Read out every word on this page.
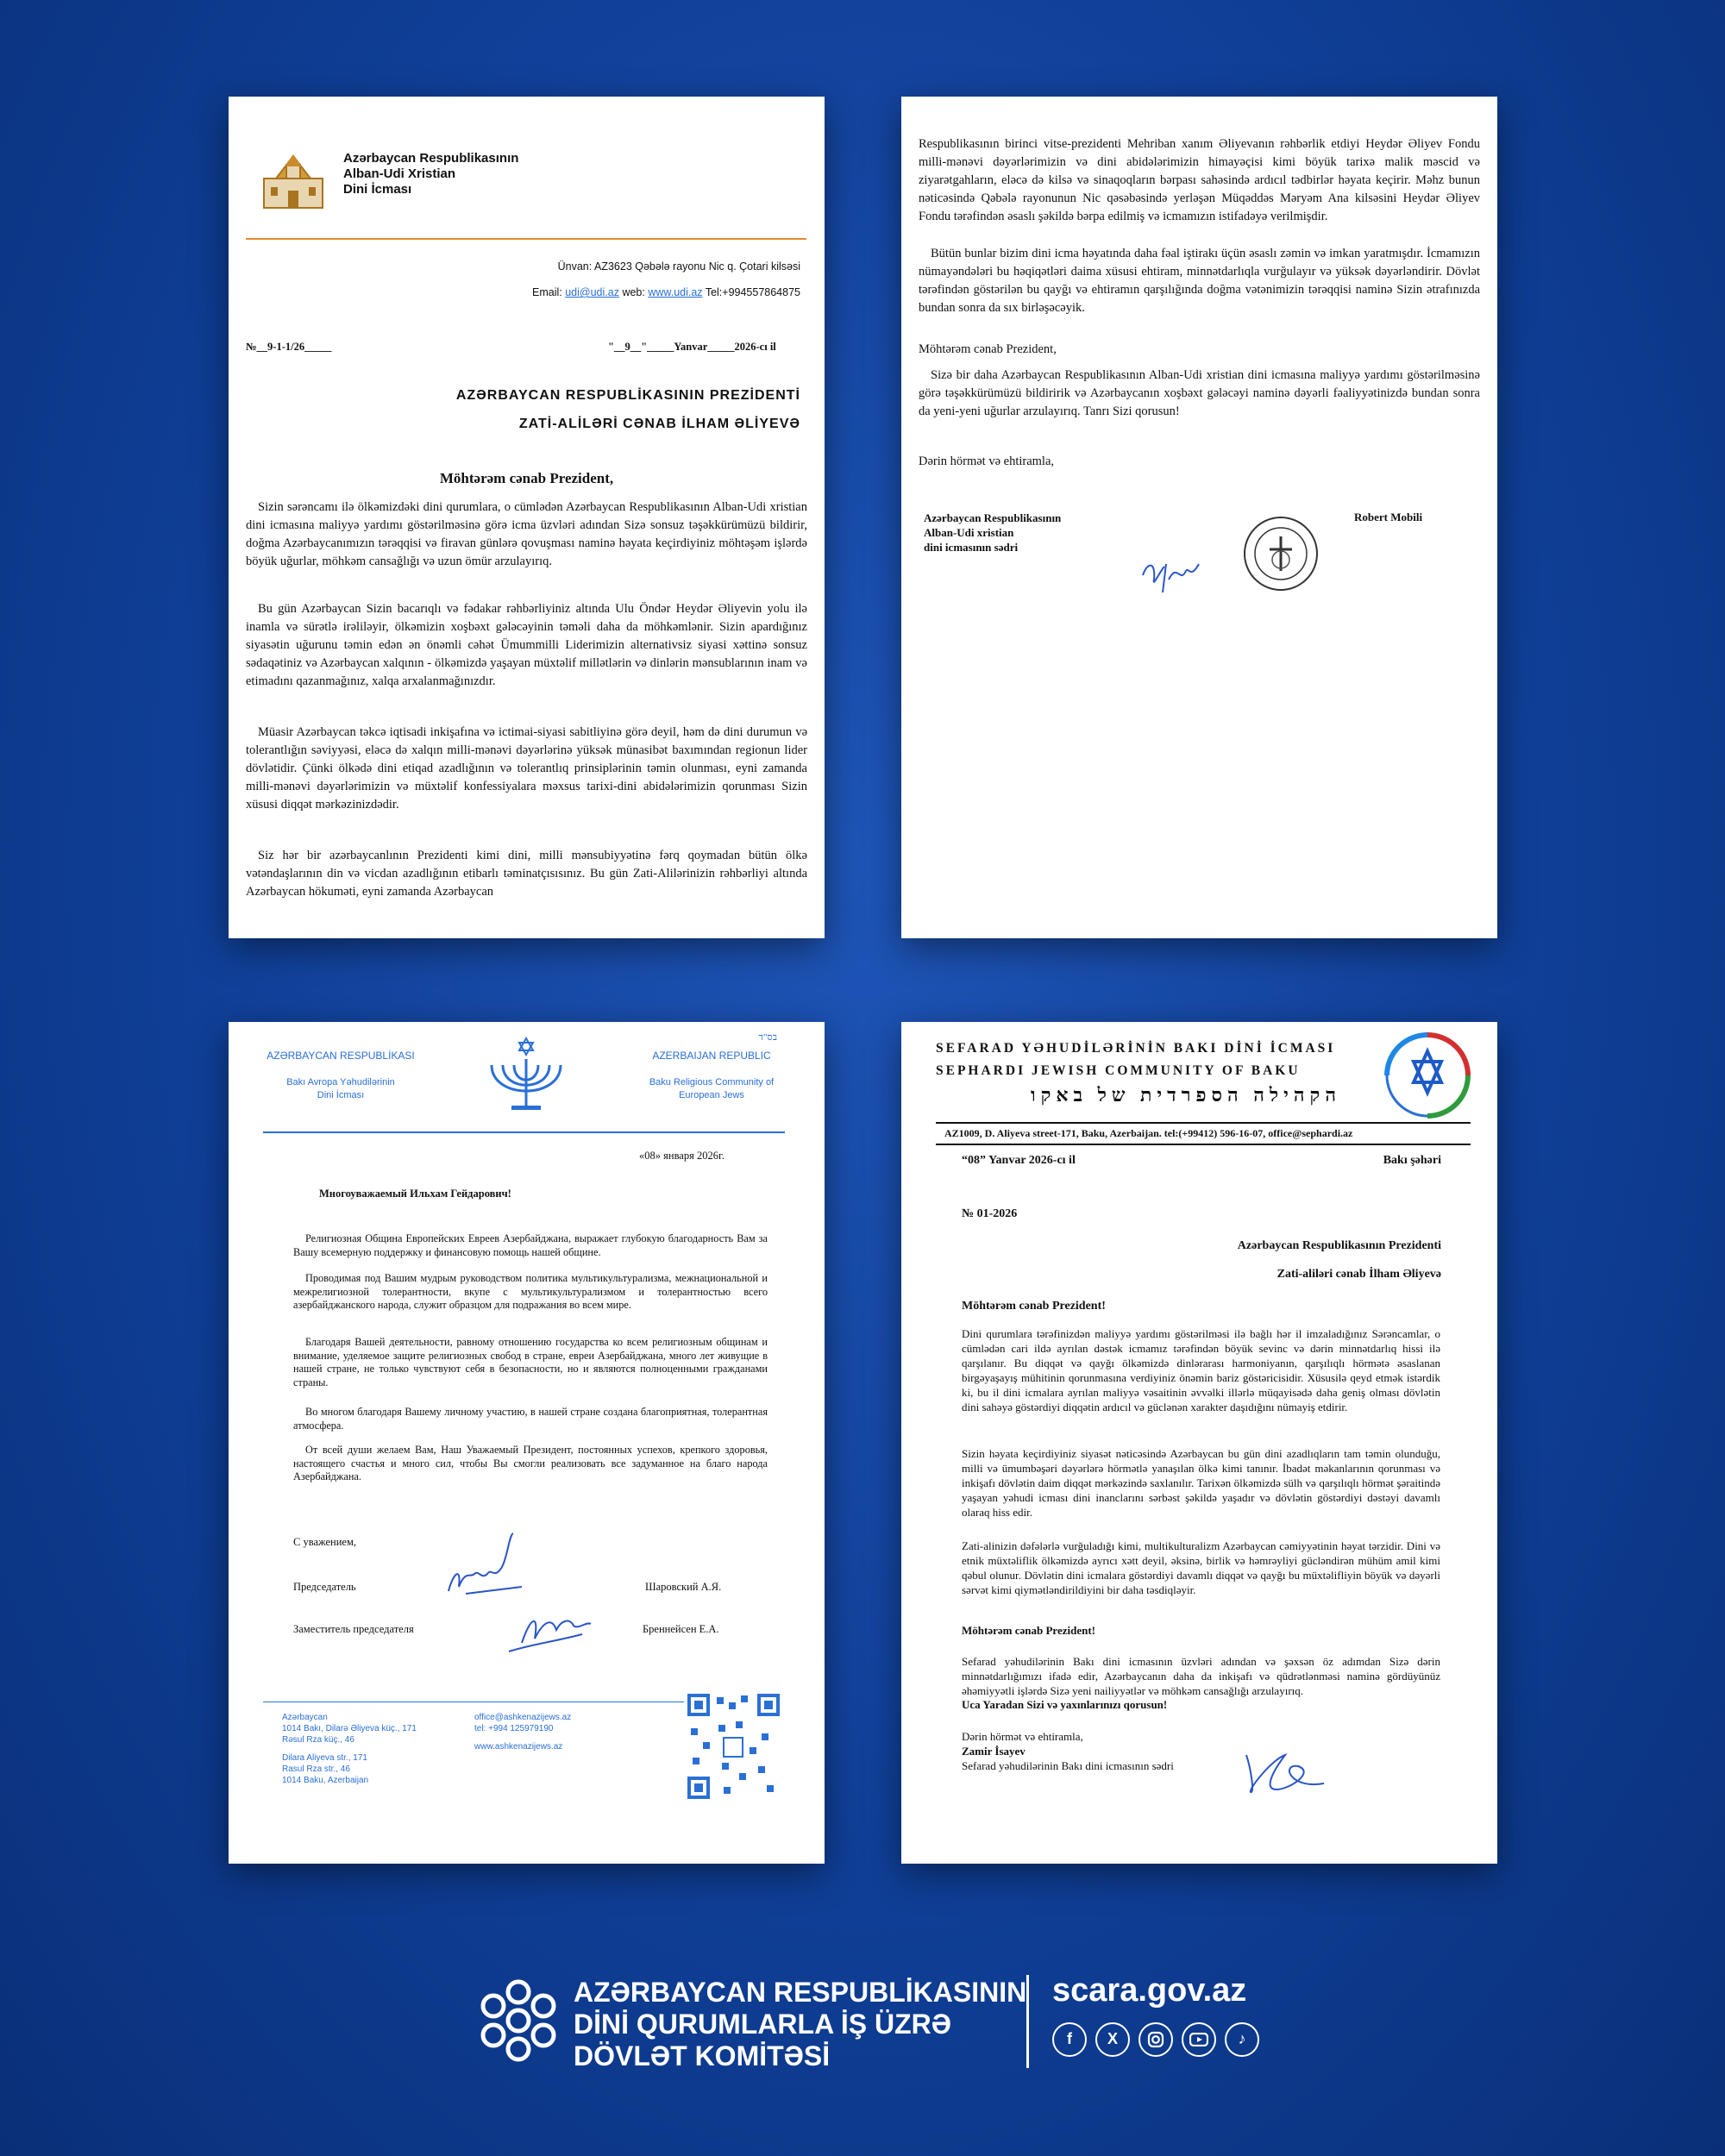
Azərbaycan Respublikasının
Alban-Udi Xristian
Dini İcması
Ünvan: AZ3623 Qəbələ rayonu Nic q. Çotari kilsəsi
Email: udi@udi.az web: www.udi.az Tel:+994557864875
№__9-1-1/26_____	"__9__"_____Yanvar_____2026-cı il
AZƏRBAYCAN RESPUBLİKASININ PREZİDENTİ
ZATİ-ALİLƏRİ CƏNAB İLHAM ƏLİYEVƏ
Möhtərəm cənab Prezident,
Sizin sərəncamı ilə ölkəmizdəki dini qurumlara, o cümlədən Azərbaycan Respublikasının Alban-Udi xristian dini icmasına maliyyə yardımı göstərilməsinə görə icma üzvləri adından Sizə sonsuz təşəkkürümüzü bildirir, doğma Azərbaycanımızın tərəqqisi və firavan günlərə qovuşması naminə həyata keçirdiyiniz möhtəşəm işlərdə böyük uğurlar, möhkəm cansağlığı və uzun ömür arzulayırıq.
Bu gün Azərbaycan Sizin bacarıqlı və fədakar rəhbərliyiniz altında Ulu Öndər Heydər Əliyevin yolu ilə inamla və sürətlə irəliləyir, ölkəmizin xoşbəxt gələcəyinin təməli daha da möhkəmlənir. Sizin apardığınız siyasətin uğurunu təmin edən ən önəmli cəhət Ümummilli Liderimizin alternativsiz siyasi xəttinə sonsuz sədaqətiniz və Azərbaycan xalqının - ölkəmizdə yaşayan müxtəlif millətlərin və dinlərin mənsublarının inam və etimadını qazanmağınız, xalqa arxalanmağınızdır.
Müasir Azərbaycan təkcə iqtisadi inkişafına və ictimai-siyasi sabitliyinə görə deyil, həm də dini durumun və tolerantlığın səviyyəsi, eləcə də xalqın milli-mənəvi dəyərlərinə yüksək münasibət baxımından regionun lider dövlətidir. Çünki ölkədə dini etiqad azadlığının və tolerantlıq prinsiplərinin təmin olunması, eyni zamanda milli-mənəvi dəyərlərimizin və müxtəlif konfessiyalara məxsus tarixi-dini abidələrimizin qorunması Sizin xüsusi diqqət mərkəzinizdədir.
Siz hər bir azərbaycanlının Prezidenti kimi dini, milli mənsubiyyətinə fərq qoymadan bütün ölkə vətəndaşlarının din və vicdan azadlığının etibarlı təminatçısısınız. Bu gün Zati-Alilərinizin rəhbərliyi altında Azərbaycan hökuməti, eyni zamanda Azərbaycan
Respublikasının birinci vitse-prezidenti Mehriban xanım Əliyevanın rəhbərlik etdiyi Heydər Əliyev Fondu milli-mənəvi dəyərlərimizin və dini abidələrimizin himayəçisi kimi böyük tarixə malik məscid və ziyarətgahların, eləcə də kilsə və sinaqoqların bərpası sahəsində ardıcıl tədbirlər həyata keçirir. Məhz bunun nəticəsində Qəbələ rayonunun Nic qəsəbəsində yerləşən Müqəddəs Məryəm Ana kilsəsini Heydər Əliyev Fondu tərəfindən əsaslı şəkildə bərpa edilmiş və icmamızın istifadəyə verilmişdir.
Bütün bunlar bizim dini icma həyatında daha fəal iştirakı üçün əsaslı zəmin və imkan yaratmışdır. İcmamızın nümayəndələri bu həqiqətləri daima xüsusi ehtiram, minnətdarlıqla vurğulayır və yüksək dəyərləndirir. Dövlət tərəfindən göstərilən bu qayğı və ehtiramın qarşılığında doğma vətənimizin tərəqqisi naminə Sizin ətrafınızda bundan sonra da sıx birləşəcəyik.
Möhtərəm cənab Prezident,
Sizə bir daha Azərbaycan Respublikasının Alban-Udi xristian dini icmasına maliyyə yardımı göstərilməsinə görə təşəkkürümüzü bildiririk və Azərbaycanın xoşbəxt gələcəyi naminə dəyərli fəaliyyətinizdə bundan sonra da yeni-yeni uğurlar arzulayırıq. Tanrı Sizi qorusun!
Dərin hörmət və ehtiramla,
Azərbaycan Respublikasının
Alban-Udi xristian
dini icmasının sədri
Robert Mobili
בס"ד
AZƏRBAYCAN RESPUBLİKASI
Bakı Avropa Yəhudilərinin
Dini İcması
AZERBAIJAN REPUBLIC
Baku Religious Community of
European Jews
«08» января 2026г.
Многоуважаемый Ильхам Гейдарович!
Религиозная Община Европейских Евреев Азербайджана, выражает глубокую благодарность Вам за Вашу всемерную поддержку и финансовую помощь нашей общине.
Проводимая под Вашим мудрым руководством политика мультикультурализма, межнациональной и межрелигиозной толерантности, вкупе с мультикультурализмом и толерантностью всего азербайджанского народа, служит образцом для подражания во всем мире.
Благодаря Вашей деятельности, равному отношению государства ко всем религиозным общинам и внимание, уделяемое защите религиозных свобод в стране, евреи Азербайджана, много лет живущие в нашей стране, не только чувствуют себя в безопасности, но и являются полноценными гражданами страны.
Во многом благодаря Вашему личному участию, в нашей стране создана благоприятная, толерантная атмосфера.
От всей души желаем Вам, Наш Уважаемый Президент, постоянных успехов, крепкого здоровья, настоящего счастья и много сил, чтобы Вы смогли реализовать все задуманное на благо народа Азербайджана.
С уважением,
Председатель	Шаровский А.Я.
Заместитель председателя	Бреннейсен Е.А.
Azərbaycan
1014 Bakı, Dilarə Əliyeva küç., 171
Rəsul Rza küç., 46
Dilara Aliyeva str., 171
Rasul Rza str., 46
1014 Baku, Azerbaijan
office@ashkenazijews.az
tel: +994 125979190
www.ashkenazijews.az
SEFARAD YƏHUDİLƏRİNİN BAKI DİNİ İCMASI
SEPHARDI JEWISH COMMUNITY OF BAKU
הקהילה הספרדית של באקו
AZ1009, D. Aliyeva street-171, Baku, Azerbaijan. tel:(+99412) 596-16-07, office@sephardi.az
“08” Yanvar 2026-cı il	Bakı şəhəri
№ 01-2026
Azərbaycan Respublikasının Prezidenti
Zati-aliləri cənab İlham Əliyevə
Möhtərəm cənab Prezident!
Dini qurumlara tərəfinizdən maliyyə yardımı göstərilməsi ilə bağlı hər il imzaladığınız Sərəncamlar, o cümlədən cari ildə ayrılan dəstək icmamız tərəfindən böyük sevinc və dərin minnətdarlıq hissi ilə qarşılanır. Bu diqqət və qayğı ölkəmizdə dinlərarası harmoniyanın, qarşılıqlı hörmətə əsaslanan birgəyaşayış mühitinin qorunmasına verdiyiniz önəmin bariz göstəricisidir. Xüsusilə qeyd etmək istərdik ki, bu il dini icmalara ayrılan maliyyə vəsaitinin əvvəlki illərlə müqayisədə daha geniş olması dövlətin dini sahəyə göstərdiyi diqqətin ardıcıl və güclənən xarakter daşıdığını nümayiş etdirir.
Sizin həyata keçirdiyiniz siyasət nəticəsində Azərbaycan bu gün dini azadlıqların tam təmin olunduğu, milli və ümumbəşəri dəyərlərə hörmətlə yanaşılan ölkə kimi tanınır. İbadət məkanlarının qorunması və inkişafı dövlətin daim diqqət mərkəzində saxlanılır. Tarixən ölkəmizdə sülh və qarşılıqlı hörmət şəraitində yaşayan yəhudi icması dini inanclarını sərbəst şəkildə yaşadır və dövlətin göstərdiyi dəstəyi davamlı olaraq hiss edir.
Zati-alinizin dəfələrlə vurğuladığı kimi, multikulturalizm Azərbaycan cəmiyyətinin həyat tərzidir. Dini və etnik müxtəliflik ölkəmizdə ayrıcı xətt deyil, əksinə, birlik və həmrəyliyi gücləndirən mühüm amil kimi qəbul olunur. Dövlətin dini icmalara göstərdiyi davamlı diqqət və qayğı bu müxtəlifliyin böyük və dəyərli sərvət kimi qiymətləndirildiyini bir daha təsdiqləyir.
Möhtərəm cənab Prezident!
Sefarad yəhudilərinin Bakı dini icmasının üzvləri adından və şəxsən öz adımdan Sizə dərin minnətdarlığımızı ifadə edir, Azərbaycanın daha da inkişafı və qüdrətlənməsi naminə gördüyünüz əhəmiyyətli işlərdə Sizə yeni nailiyyətlər və möhkəm cansağlığı arzulayırıq.
Uca Yaradan Sizi və yaxınlarınızı qorusun!
Dərin hörmət və ehtiramla,
Zamir İsayev
Sefarad yəhudilərinin Bakı dini icmasının sədri
AZƏRBAYCAN RESPUBLİKASININ
DİNİ QURUMLARLA İŞ ÜZRƏ
DÖVLƏT KOMİTƏSİ
scara.gov.az
f	X	♪
